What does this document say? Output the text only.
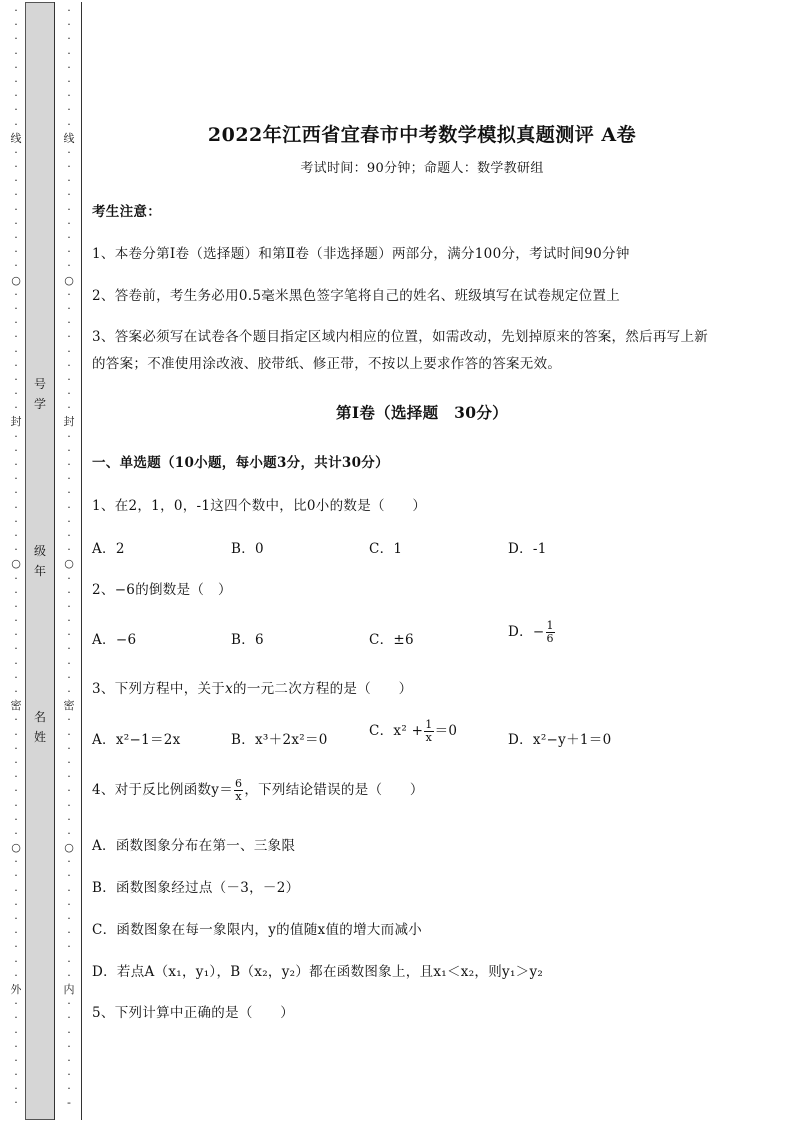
·
·
·
·
·
·
·
·
·
线
·
·
·
·
·
·
·
·
·
○
·
·
·
·
·
·
·
·
·
封
·
·
·
·
·
·
·
·
·
○
·
·
·
·
·
·
·
·
·
密
·
·
·
·
·
·
·
·
·
○
·
·
·
·
·
·
·
·
·
外
·
·
·
·
·
·
·
·
·
·
·
·
·
·
·
·
·
线
·
·
·
·
·
·
·
·
·
○
·
·
·
·
·
·
·
·
·
封
·
·
·
·
·
·
·
·
·
○
·
·
·
·
·
·
·
·
·
密
·
·
·
·
·
·
·
·
·
○
·
·
·
·
·
·
·
·
·
内
·
·
·
·
·
·
·
-
号
学
级
年
名
姓
2022年江西省宜春市中考数学模拟真题测评 A卷
考试时间：90分钟；命题人：数学教研组
考生注意：
1、本卷分第Ⅰ卷（选择题）和第Ⅱ卷（非选择题）两部分，满分100分，考试时间90分钟
2、答卷前，考生务必用0.5毫米黑色签字笔将自己的姓名、班级填写在试卷规定位置上
3、答案必须写在试卷各个题目指定区域内相应的位置，如需改动，先划掉原来的答案，然后再写上新
的答案；不准使用涂改液、胶带纸、修正带，不按以上要求作答的答案无效。
第Ⅰ卷（选择题　30分）
一、单选题（10小题，每小题3分，共计30分）
1、在2，1，0，-1这四个数中，比0小的数是（　　）
A．2	B．0	C．1	D．-1
2、−6的倒数是（　）
A．−6	B．6	C．±6	D．− $\frac{1}{6}$
3、下列方程中，关于x的一元二次方程的是（　　）
A．x²−1＝2x	B．x³＋2x²＝0
C．$x^2 + \frac{1}{x} =0$
D．x²−y＋1＝0
4、对于反比例函数$y= \frac{6}{x}$ ，下列结论错误的是（　　）
A．函数图象分布在第一、三象限
B．函数图象经过点（－3，－2）
C．函数图象在每一象限内，y的值随x值的增大而减小
D．若点A（x₁，y₁），B（x₂，y₂）都在函数图象上，且x₁＜x₂，则y₁＞y₂
5、下列计算中正确的是（　　）
